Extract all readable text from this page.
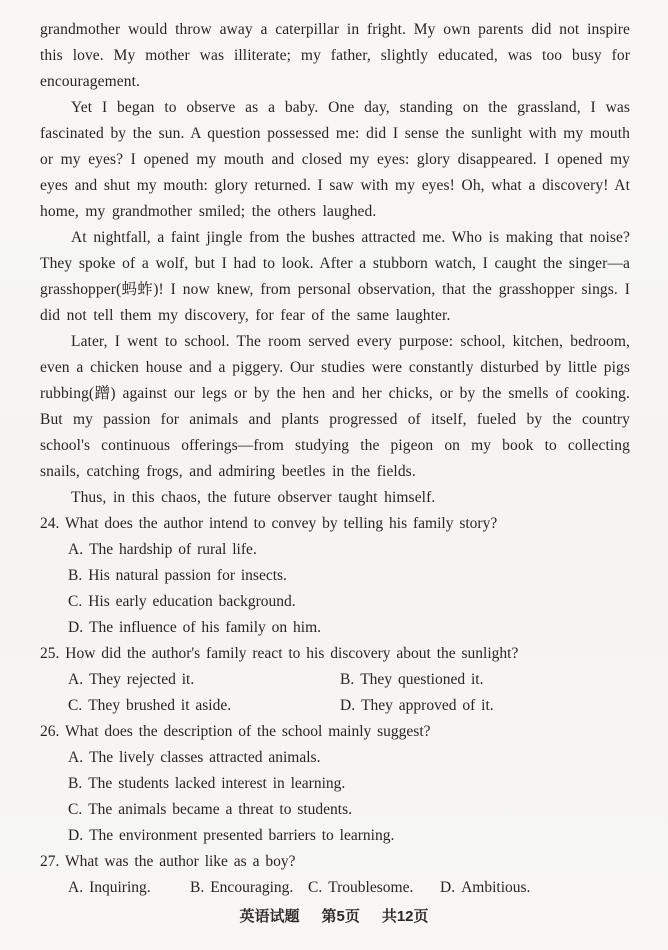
grandmother would throw away a caterpillar in fright. My own parents did not inspire this love. My mother was illiterate; my father, slightly educated, was too busy for encouragement.

Yet I began to observe as a baby. One day, standing on the grassland, I was fascinated by the sun. A question possessed me: did I sense the sunlight with my mouth or my eyes? I opened my mouth and closed my eyes: glory disappeared. I opened my eyes and shut my mouth: glory returned. I saw with my eyes! Oh, what a discovery! At home, my grandmother smiled; the others laughed.

At nightfall, a faint jingle from the bushes attracted me. Who is making that noise? They spoke of a wolf, but I had to look. After a stubborn watch, I caught the singer—a grasshopper(蚂蚱)! I now knew, from personal observation, that the grasshopper sings. I did not tell them my discovery, for fear of the same laughter.

Later, I went to school. The room served every purpose: school, kitchen, bedroom, even a chicken house and a piggery. Our studies were constantly disturbed by little pigs rubbing(蹭) against our legs or by the hen and her chicks, or by the smells of cooking. But my passion for animals and plants progressed of itself, fueled by the country school's continuous offerings—from studying the pigeon on my book to collecting snails, catching frogs, and admiring beetles in the fields.

Thus, in this chaos, the future observer taught himself.

24. What does the author intend to convey by telling his family story?

A. The hardship of rural life.
B. His natural passion for insects.
C. His early education background.
D. The influence of his family on him.

25. How did the author's family react to his discovery about the sunlight?

A. They rejected it.	B. They questioned it.
C. They brushed it aside.	D. They approved of it.

26. What does the description of the school mainly suggest?

A. The lively classes attracted animals.
B. The students lacked interest in learning.
C. The animals became a threat to students.
D. The environment presented barriers to learning.

27. What was the author like as a boy?

A. Inquiring.	B. Encouraging. C. Troublesome.	D. Ambitious.
英语试题 第5页 共12页
